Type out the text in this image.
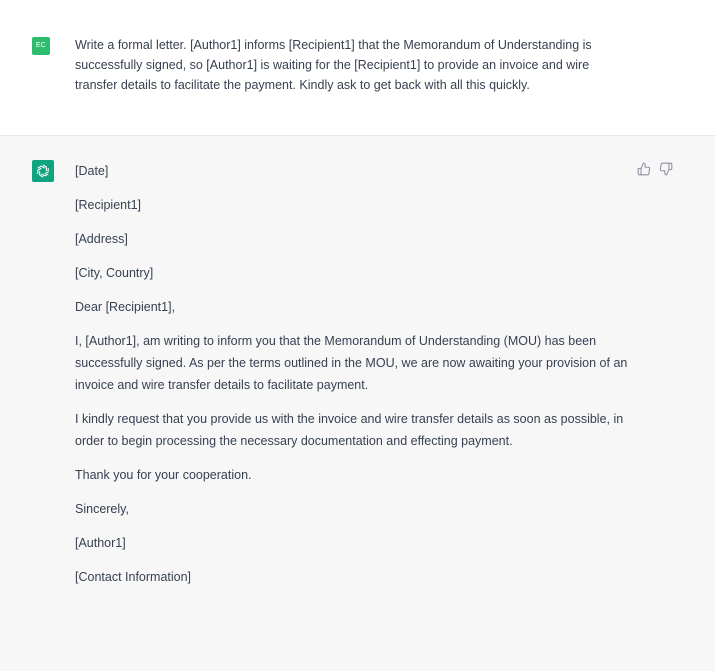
EC	Write a formal letter. [Author1] informs [Recipient1] that the Memorandum of Understanding is successfully signed, so [Author1] is waiting for the [Recipient1] to provide an invoice and wire transfer details to facilitate the payment. Kindly ask to get back with all this quickly.

[Date]

[Recipient1]

[Address]

[City, Country]

Dear [Recipient1],

I, [Author1], am writing to inform you that the Memorandum of Understanding (MOU) has been successfully signed. As per the terms outlined in the MOU, we are now awaiting your provision of an invoice and wire transfer details to facilitate payment.

I kindly request that you provide us with the invoice and wire transfer details as soon as possible, in order to begin processing the necessary documentation and effecting payment.

Thank you for your cooperation.

Sincerely,

[Author1]

[Contact Information]
